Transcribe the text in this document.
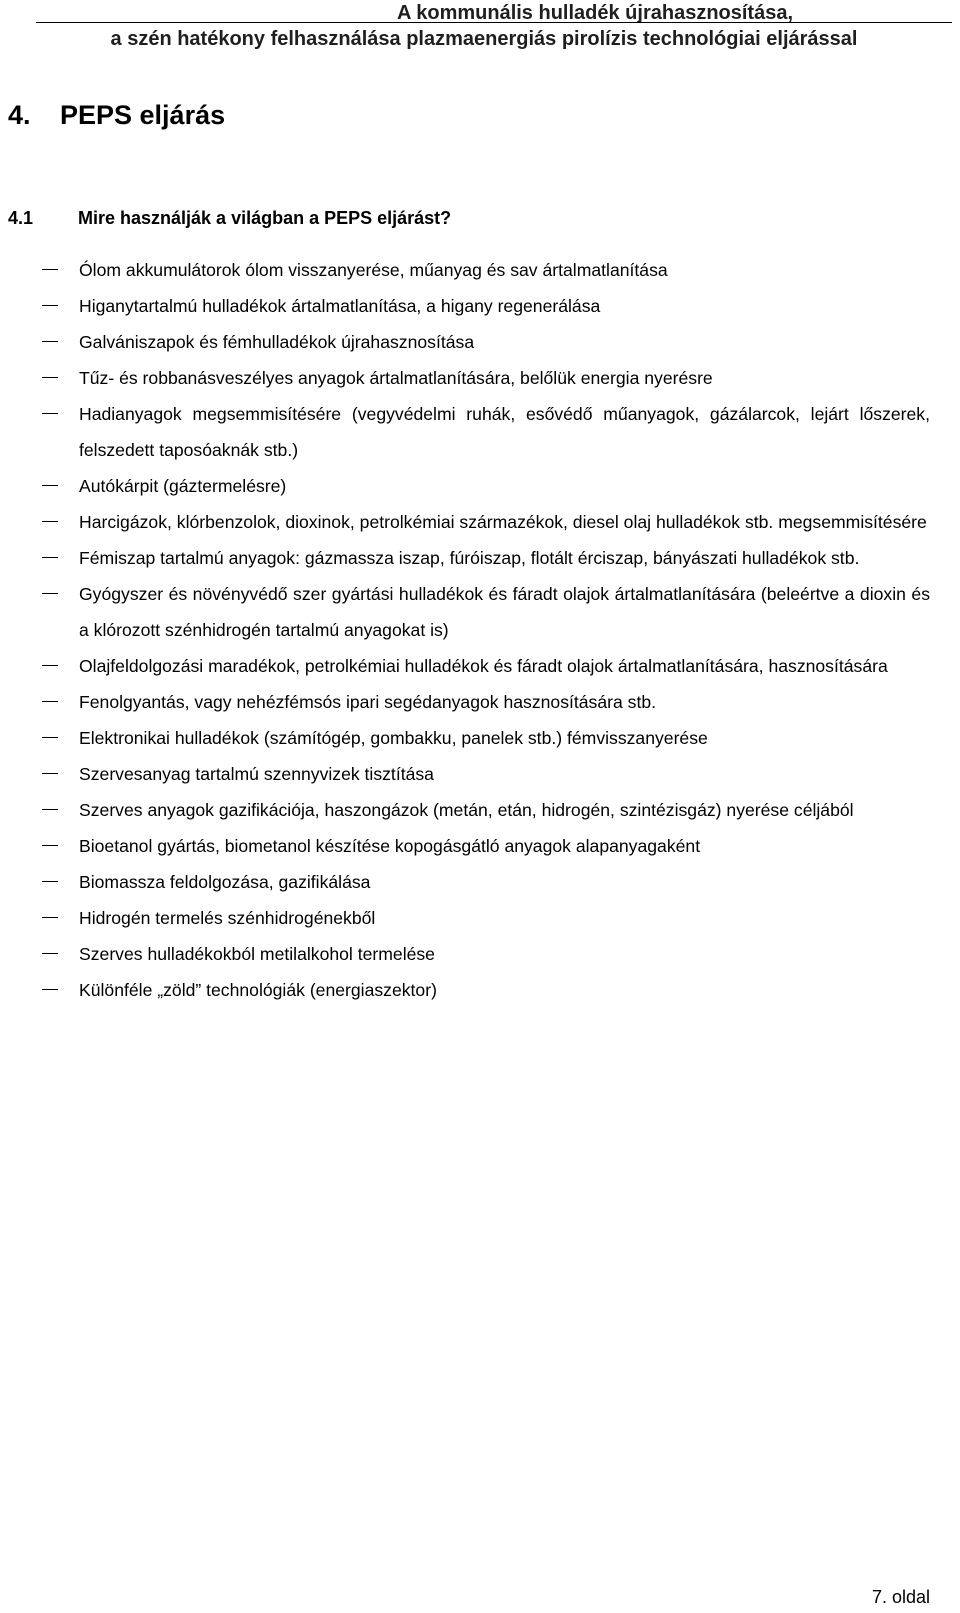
A kommunális hulladék újrahasznosítása,
a szén hatékony felhasználása plazmaenergiás pirolízis technológiai eljárással
4. PEPS eljárás
4.1 Mire használják a világban a PEPS eljárást?
Ólom akkumulátorok ólom visszanyerése, műanyag és sav ártalmatlanítása
Higanytartalmú hulladékok ártalmatlanítása, a higany regenerálása
Galvániszapok és fémhulladékok újrahasznosítása
Tűz- és robbanásveszélyes anyagok ártalmatlanítására, belőlük energia nyerésre
Hadianyagok megsemmisítésére (vegyvédelmi ruhák, esővédő műanyagok, gázálarcok, lejárt lőszerek, felszedett taposóaknák stb.)
Autókárpit (gáztermelésre)
Harcigázok, klórbenzolok, dioxinok, petrolkémiai származékok, diesel olaj hulladékok stb. megsemmisítésére
Fémiszap tartalmú anyagok: gázmassza iszap, fúróiszap, flotált érciszap, bányászati hulladékok stb.
Gyógyszer és növényvédő szer gyártási hulladékok és fáradt olajok ártalmatlanítására (beleértve a dioxin és a klórozott szénhidrogén tartalmú anyagokat is)
Olajfeldolgozási maradékok, petrolkémiai hulladékok és fáradt olajok ártalmatlanítására, hasznosítására
Fenolgyantás, vagy nehézfémsós ipari segédanyagok hasznosítására stb.
Elektronikai hulladékok (számítógép, gombakku, panelek stb.) fémvisszanyerése
Szervesanyag tartalmú szennyvizek tisztítása
Szerves anyagok gazifikációja, haszongázok (metán, etán, hidrogén, szintézisgáz) nyerése céljából
Bioetanol gyártás, biometanol készítése kopogásgátló anyagok alapanyagaként
Biomassza feldolgozása, gazifikálása
Hidrogén termelés szénhidrogénekből
Szerves hulladékokból metilalkohol termelése
Különféle „zöld” technológiák (energiaszektor)
7. oldal
